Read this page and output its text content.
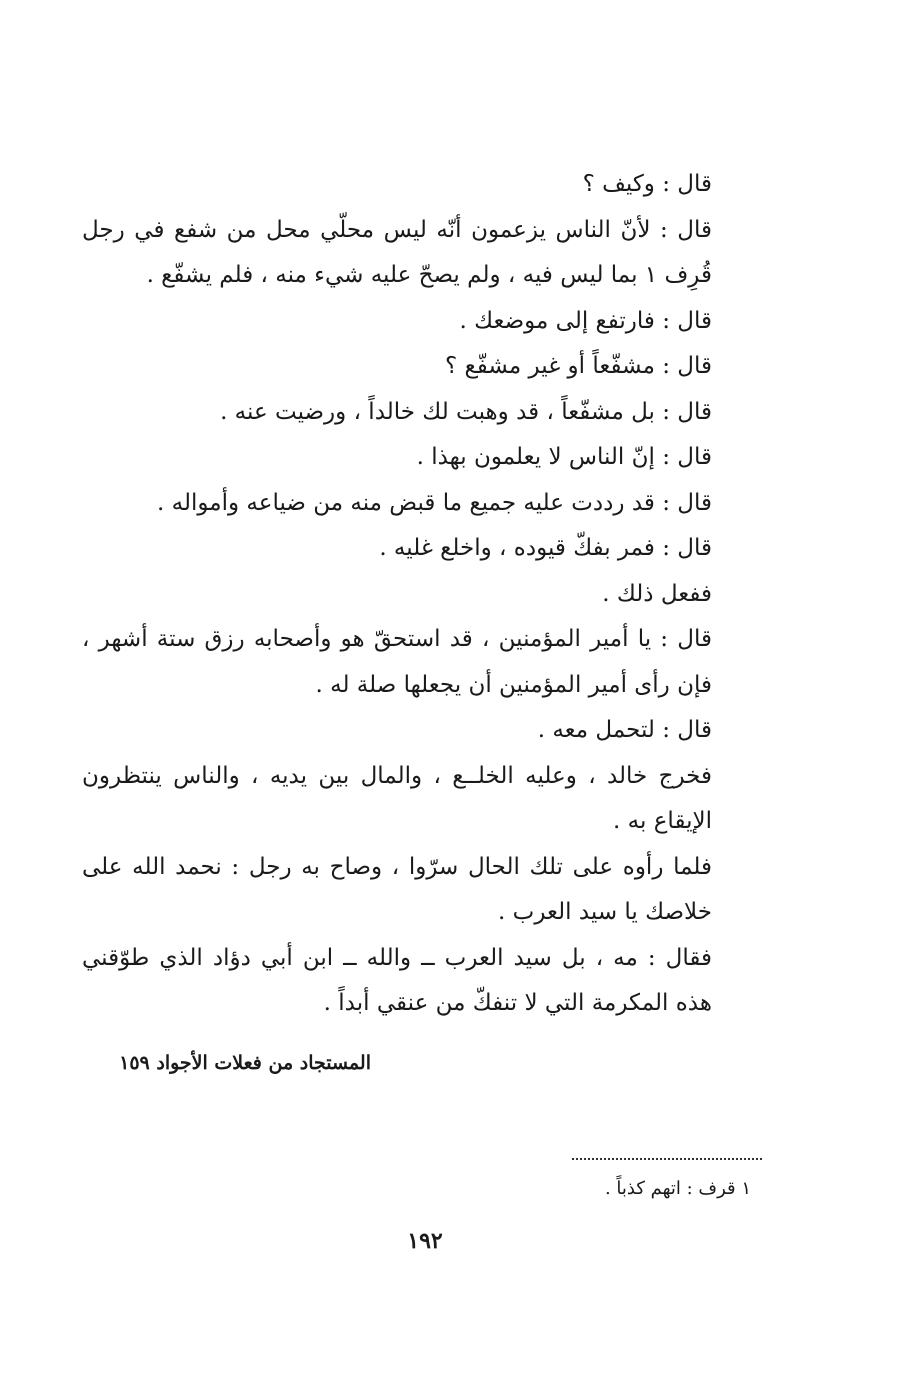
قال : وكيف ؟

قال : لأنّ الناس يزعمون أنّه ليس محلّي محل من شفع في رجل قُرِف ١ بما ليس فيه ، ولم يصحّ عليه شيء منه ، فلم يشفّع .

قال : فارتفع إلى موضعك .

قال : مشفّعاً أو غير مشفّع ؟

قال : بل مشفّعاً ، قد وهبت لك خالداً ، ورضيت عنه .

قال : إنّ الناس لا يعلمون بهذا .

قال : قد رددت عليه جميع ما قبض منه من ضياعه وأمواله .

قال : فمر بفكّ قيوده ، واخلع غليه .

ففعل ذلك .

قال : يا أمير المؤمنين ، قد استحقّ هو وأصحابه رزق ستة أشهر ، فإن رأى أمير المؤمنين أن يجعلها صلة له .

قال : لتحمل معه .

فخرج خالد ، وعليه الخلــع ، والمال بين يديه ، والناس ينتظرون الإيقاع به .

فلما رأوه على تلك الحال سرّوا ، وصاح به رجل : نحمد الله على خلاصك يا سيد العرب .

فقال : مه ، بل سيد العرب ــ والله ــ ابن أبي دؤاد الذي طوّقني هذه المكرمة التي لا تنفكّ من عنقي أبداً .

المستجاد من فعلات الأجواد ١٥٩
١ قرف : اتهم كذباً .
١٩٢
